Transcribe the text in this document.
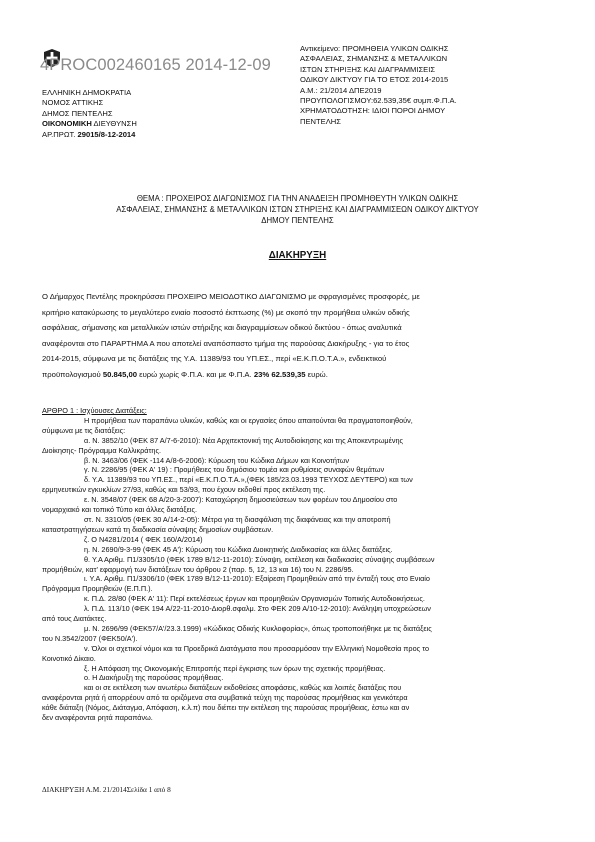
4PROC002460165 2014-12-09
ΕΛΛΗΝΙΚΗ ΔΗΜΟΚΡΑΤΙΑ
ΝΟΜΟΣ ΑΤΤΙΚΗΣ
ΔΗΜΟΣ ΠΕΝΤΕΛΗΣ
ΟΙΚΟΝΟΜΙΚΗ ΔΙΕΥΘΥΝΣΗ
ΑΡ.ΠΡΩΤ. 29015/8-12-2014
Αντικείμενο: ΠΡΟΜΗΘΕΙΑ ΥΛΙΚΩΝ ΟΔΙΚΗΣ
ΑΣΦΑΛΕΙΑΣ, ΣΗΜΑΝΣΗΣ & ΜΕΤΑΛΛΙΚΩΝ
ΙΣΤΩΝ ΣΤΗΡΙΞΗΣ ΚΑΙ ΔΙΑΓΡΑΜΜΙΣΕΙΣ
ΟΔΙΚΟΥ ΔΙΚΤΥΟΥ ΓΙΑ ΤΟ ΕΤΟΣ 2014-2015
Α.Μ.: 21/2014 ΔΠΕ2019
ΠΡΟΥΠΟΛΟΓΙΣΜΟΥ:62.539,35€ συμπ.Φ.Π.Α.
ΧΡΗΜΑΤΟΔΟΤΗΣΗ: ΙΔΙΟΙ ΠΟΡΟΙ ΔΗΜΟΥ
ΠΕΝΤΕΛΗΣ
ΘΕΜΑ : ΠΡΟΧΕΙΡΟΣ ΔΙΑΓΩΝΙΣΜΟΣ ΓΙΑ ΤΗΝ ΑΝΑΔΕΙΞΗ ΠΡΟΜΗΘΕΥΤΗ ΥΛΙΚΩΝ ΟΔΙΚΗΣ
ΑΣΦΑΛΕΙΑΣ, ΣΗΜΑΝΣΗΣ & ΜΕΤΑΛΛΙΚΩΝ ΙΣΤΩΝ ΣΤΗΡΙΞΗΣ ΚΑΙ ΔΙΑΓΡΑΜΜΙΣΕΩΝ ΟΔΙΚΟΥ ΔΙΚΤΥΟΥ
ΔΗΜΟΥ ΠΕΝΤΕΛΗΣ
ΔΙΑΚΗΡΥΞΗ
Ο Δήμαρχος Πεντέλης προκηρύσσει ΠΡΟΧΕΙΡΟ ΜΕΙΟΔΟΤΙΚΟ ΔΙΑΓΩΝΙΣΜΟ με σφραγισμένες προσφορές, με
κριτήριο κατακύρωσης το μεγαλύτερο ενιαίο ποσοστό έκπτωσης (%) με σκοπό την προμήθεια υλικών οδικής
ασφάλειας, σήμανσης και μεταλλικών ιστών στήριξης και διαγραμμίσεων οδικού δικτύου - όπως αναλυτικά
αναφέρονται στο ΠΑΡΑΡΤΗΜΑ Α που αποτελεί αναπόσπαστο τμήμα της παρούσας Διακήρυξης - για το έτος
2014-2015, σύμφωνα με τις διατάξεις της Υ.Α. 11389/93 του ΥΠ.ΕΣ., περί «Ε.Κ.Π.Ο.Τ.Α.», ενδεικτικού
προϋπολογισμού 50.845,00 ευρώ χωρίς Φ.Π.Α. και με Φ.Π.Α. 23% 62.539,35 ευρώ.
ΑΡΘΡΟ 1 : Ισχύουσες Διατάξεις:
Η προμήθεια των παραπάνω υλικών, καθώς και οι εργασίες όπου απαιτούνται θα πραγματοποιηθούν,
σύμφωνα με τις διατάξεις:
α. Ν. 3852/10 (ΦΕΚ 87 Α/7-6-2010): Νέα Αρχιτεκτονική της Αυτοδιοίκησης και της Αποκεντρωμένης
Διοίκησης- Πρόγραμμα Καλλικράτης.
β. Ν. 3463/06 (ΦΕΚ -114 Α/8-6-2006): Κύρωση του Κώδικα Δήμων και Κοινοτήτων
γ. Ν. 2286/95 (ΦΕΚ Α' 19) : Προμήθειες του δημόσιου τομέα και ρυθμίσεις συναφών θεμάτων
δ. Υ.Α. 11389/93 του ΥΠ.ΕΣ., περί «Ε.Κ.Π.Ο.Τ.Α.»,(ΦΕΚ 185/23.03.1993 ΤΕΥΧΟΣ ΔΕΥΤΕΡΟ) και των
ερμηνευτικών εγκυκλίων 27/93, καθώς και 53/93, που έχουν εκδοθεί προς εκτέλεση της.
ε. Ν. 3548/07 (ΦΕΚ 68 Α/20-3-2007): Καταχώρηση δημοσιεύσεων των φορέων του Δημοσίου στο
νομαρχιακό και τοπικό Τύπο και άλλες διατάξεις.
στ. Ν. 3310/05 (ΦΕΚ 30 Α/14-2-05): Μέτρα για τη διασφάλιση της διαφάνειας και την αποτροπή
καταστρατηγήσεων κατά τη διαδικασία σύναψης δημοσίων συμβάσεων.
ζ. Ο Ν4281/2014 ( ΦΕΚ 160/Α/2014)
η. Ν. 2690/9-3-99 (ΦΕΚ 45 Α'): Κύρωση του Κώδικα Διοικητικής Διαδικασίας και άλλες διατάξεις.
θ. Υ.Α Αριθμ. Π1/3305/10 (ΦΕΚ 1789 Β/12-11-2010): Σύναψη, εκτέλεση και διαδικασίες σύναψης συμβάσεων
προμήθειών, κατ' εφαρμογή των διατάξεων του άρθρου 2 (παρ. 5, 12, 13 και 16) του Ν. 2286/95.
ι. Υ.Α. Αριθμ. Π1/3306/10 (ΦΕΚ 1789 Β/12-11-2010): Εξαίρεση Προμηθειών από την ένταξή τους στο Ενιαίο
Πρόγραμμα Προμηθειών (Ε.Π.Π.).
κ. Π.Δ. 28/80 (ΦΕΚ Α' 11): Περί εκτελέσεως έργων και προμηθειών Οργανισμών Τοπικής Αυτοδιοικήσεως.
λ. Π.Δ. 113/10 (ΦΕΚ 194 Α/22-11-2010-Διορθ.σφαλμ. Στο ΦΕΚ 209 Α/10-12-2010): Ανάληψη υποχρεώσεων
από τους Διατάκτες.
μ. Ν. 2696/99 (ΦΕΚ57/Α'/23.3.1999) «Κώδικας Οδικής Κυκλοφορίας», όπως τροποποιήθηκε με τις διατάξεις
του Ν.3542/2007 (ΦΕΚ50/Α').
ν. Όλοι οι σχετικοί νόμοι και τα Προεδρικά Διατάγματα που προσαρμόσαν την Ελληνική Νομοθεσία προς το
Κοινοτικό Δίκαιο.
ξ. Η Απόφαση της Οικονομικής Επιτροπής περί έγκρισης των όρων της σχετικής προμήθειας.
ο. Η Διακήρυξη της παρούσας προμήθειας.
και οι σε εκτέλεση των ανωτέρω διατάξεων εκδοθείσες αποφάσεις, καθώς και λοιπές διατάξεις που
αναφέρονται ρητά ή απορρέουν από τα οριζόμενα στα συμβατικά τεύχη της παρούσας προμήθειας και γενικότερα
κάθε διάταξη (Νόμος, Διάταγμα, Απόφαση, κ.λ.π) που διέπει την εκτέλεση της παρούσας προμήθειας, έστω και αν
δεν αναφέρονται ρητά παραπάνω.
ΔΙΑΚΗΡΥΞΗ Α.Μ. 21/2014Σελίδα 1 από 8
